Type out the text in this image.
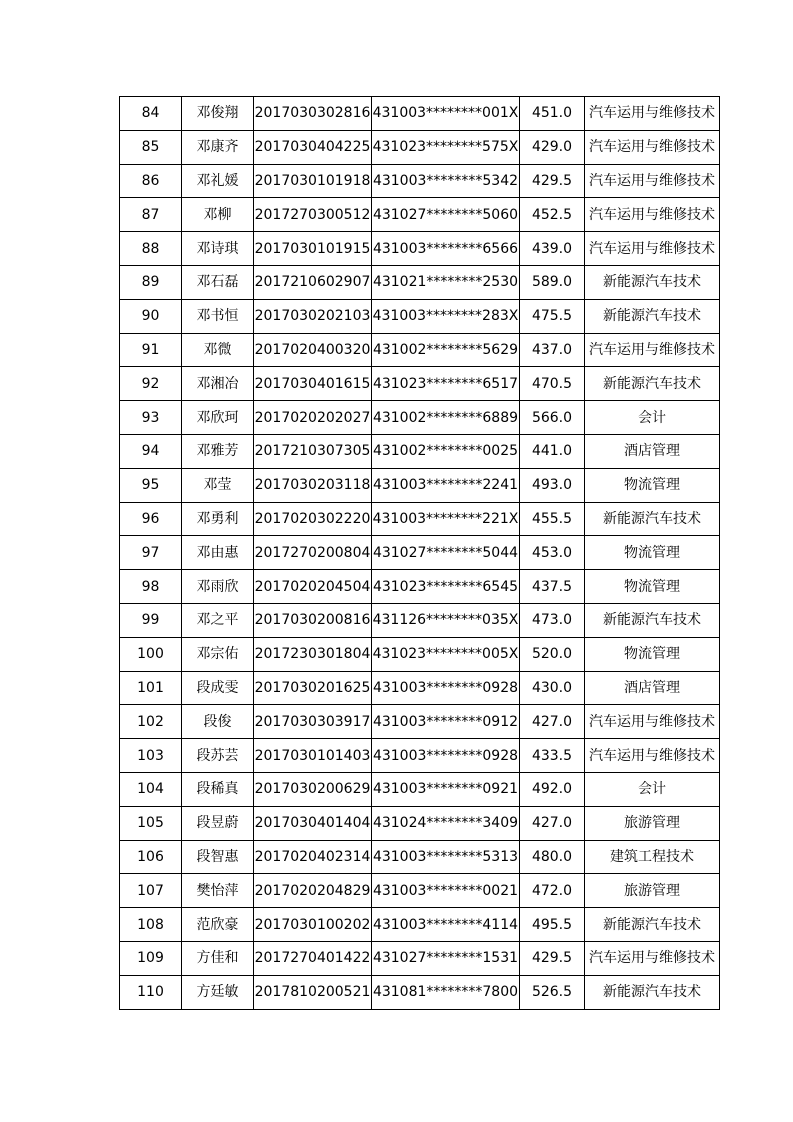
84	邓俊翔	2017030302816	431003********001X	451.0	汽车运用与维修技术
85	邓康齐	2017030404225	431023********575X	429.0	汽车运用与维修技术
86	邓礼媛	2017030101918	431003********5342	429.5	汽车运用与维修技术
87	邓柳	2017270300512	431027********5060	452.5	汽车运用与维修技术
88	邓诗琪	2017030101915	431003********6566	439.0	汽车运用与维修技术
89	邓石磊	2017210602907	431021********2530	589.0	新能源汽车技术
90	邓书恒	2017030202103	431003********283X	475.5	新能源汽车技术
91	邓微	2017020400320	431002********5629	437.0	汽车运用与维修技术
92	邓湘冶	2017030401615	431023********6517	470.5	新能源汽车技术
93	邓欣珂	2017020202027	431002********6889	566.0	会计
94	邓雅芳	2017210307305	431002********0025	441.0	酒店管理
95	邓莹	2017030203118	431003********2241	493.0	物流管理
96	邓勇利	2017020302220	431003********221X	455.5	新能源汽车技术
97	邓由惠	2017270200804	431027********5044	453.0	物流管理
98	邓雨欣	2017020204504	431023********6545	437.5	物流管理
99	邓之平	2017030200816	431126********035X	473.0	新能源汽车技术
100	邓宗佑	2017230301804	431023********005X	520.0	物流管理
101	段成雯	2017030201625	431003********0928	430.0	酒店管理
102	段俊	2017030303917	431003********0912	427.0	汽车运用与维修技术
103	段苏芸	2017030101403	431003********0928	433.5	汽车运用与维修技术
104	段稀真	2017030200629	431003********0921	492.0	会计
105	段昱蔚	2017030401404	431024********3409	427.0	旅游管理
106	段智惠	2017020402314	431003********5313	480.0	建筑工程技术
107	樊怡萍	2017020204829	431003********0021	472.0	旅游管理
108	范欣豪	2017030100202	431003********4114	495.5	新能源汽车技术
109	方佳和	2017270401422	431027********1531	429.5	汽车运用与维修技术
110	方廷敏	2017810200521	431081********7800	526.5	新能源汽车技术
